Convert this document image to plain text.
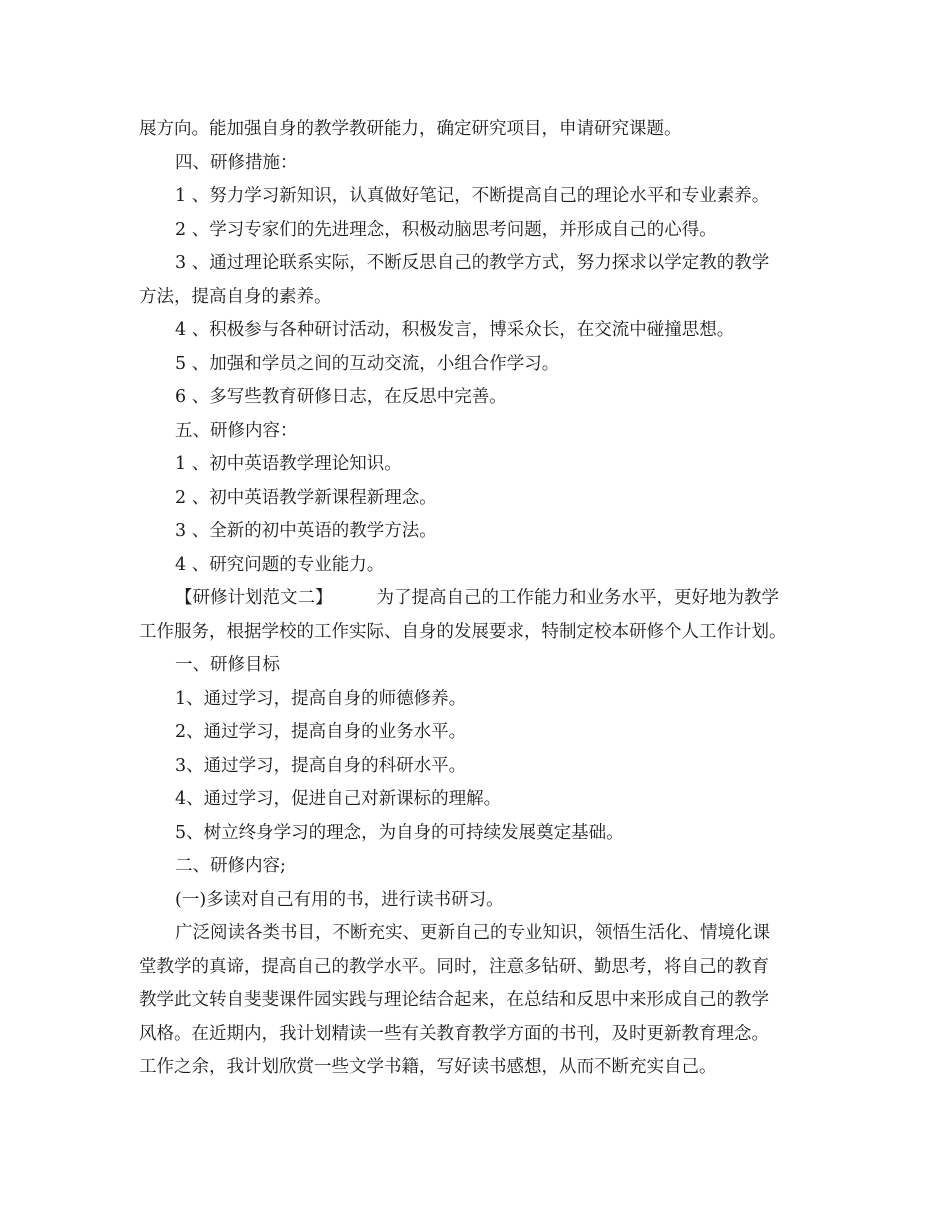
展方向。能加强自身的教学教研能力，确定研究项目，申请研究课题。
四、研修措施：
1 、努力学习新知识，认真做好笔记，不断提高自己的理论水平和专业素养。
2 、学习专家们的先进理念，积极动脑思考问题，并形成自己的心得。
3 、通过理论联系实际，不断反思自己的教学方式，努力探求以学定教的教学
方法，提高自身的素养。
4 、积极参与各种研讨活动，积极发言，博采众长，在交流中碰撞思想。
5 、加强和学员之间的互动交流，小组合作学习。
6 、多写些教育研修日志，在反思中完善。
五、研修内容：
1 、初中英语教学理论知识。
2 、初中英语教学新课程新理念。
3 、全新的初中英语的教学方法。
4 、研究问题的专业能力。
【研修计划范文二】	为了提高自己的工作能力和业务水平，更好地为教学
工作服务，根据学校的工作实际、自身的发展要求，特制定校本研修个人工作计划。
一、研修目标
1、通过学习，提高自身的师德修养。
2、通过学习，提高自身的业务水平。
3、通过学习，提高自身的科研水平。
4、通过学习，促进自己对新课标的理解。
5、树立终身学习的理念，为自身的可持续发展奠定基础。
二、研修内容;
(一)多读对自己有用的书，进行读书研习。
广泛阅读各类书目，不断充实、更新自己的专业知识，领悟生活化、情境化课
堂教学的真谛，提高自己的教学水平。同时，注意多钻研、勤思考，将自己的教育
教学此文转自斐斐课件园实践与理论结合起来，在总结和反思中来形成自己的教学
风格。在近期内，我计划精读一些有关教育教学方面的书刊，及时更新教育理念。
工作之余，我计划欣赏一些文学书籍，写好读书感想，从而不断充实自己。
